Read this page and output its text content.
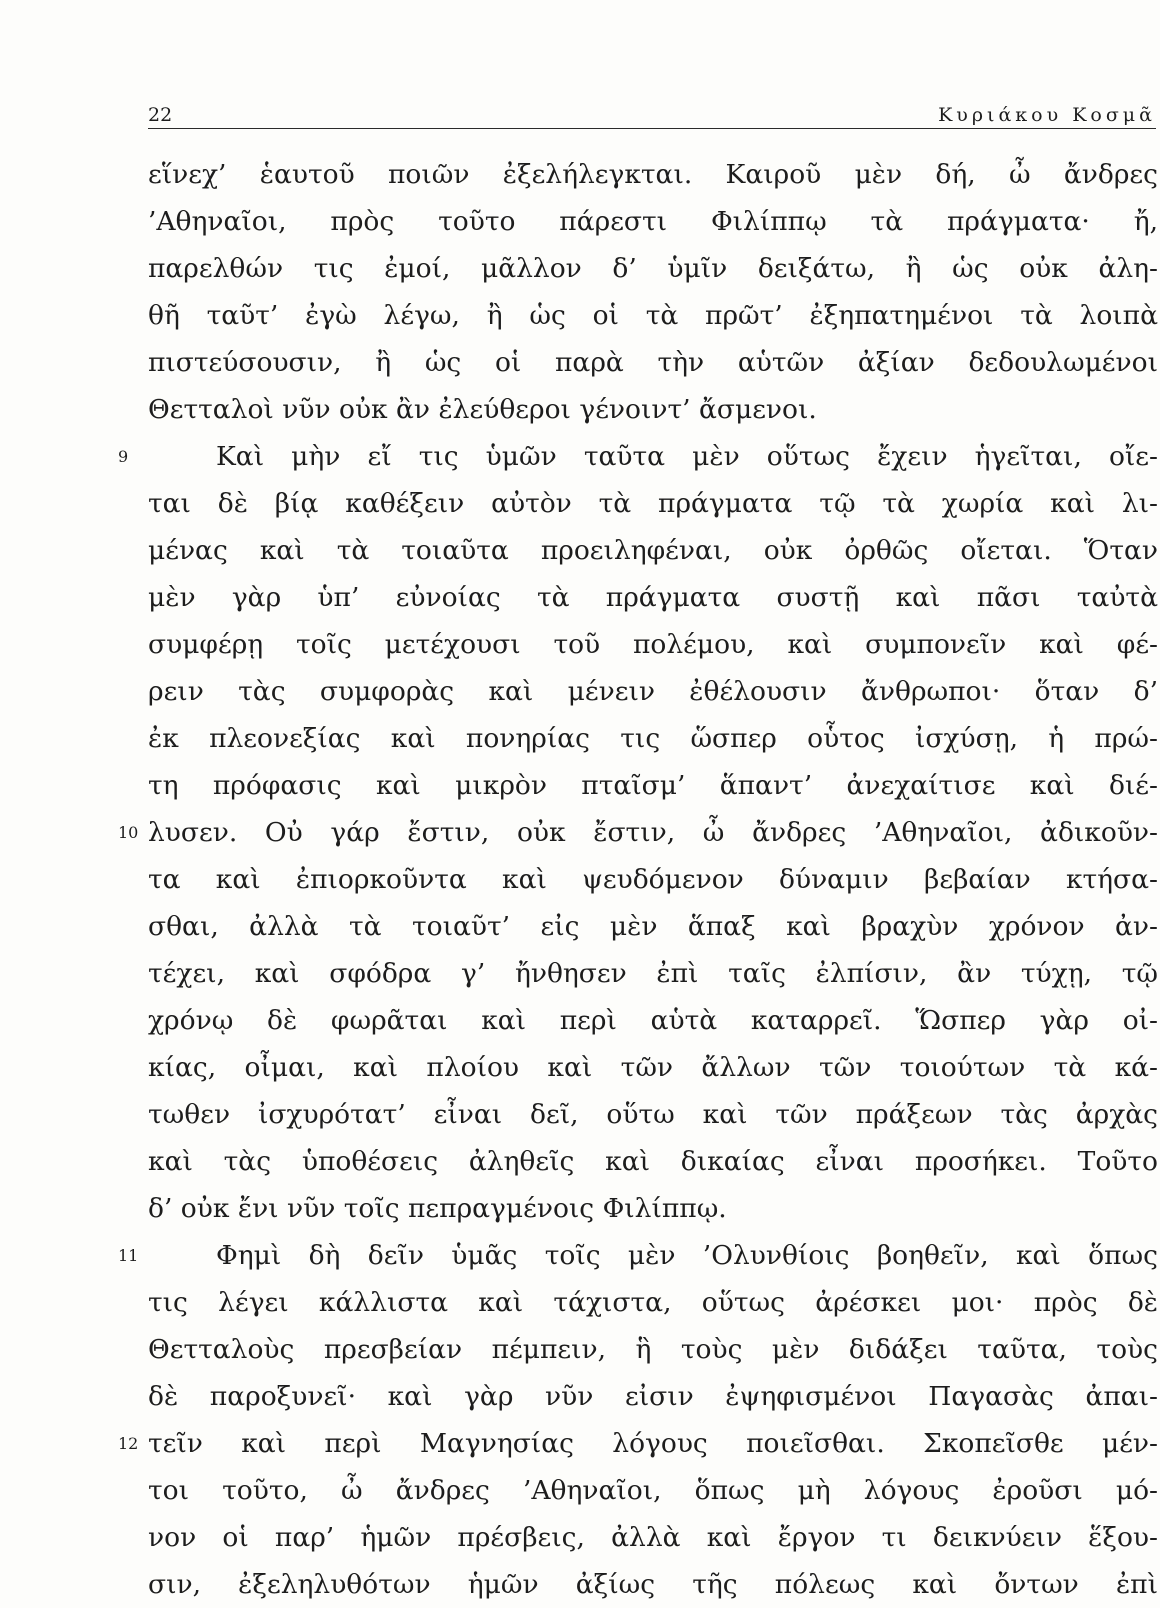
22	Κυριάκου Κοσμᾶ
εἵνεχ’ ἑαυτοῦ ποιῶν ἐξελήλεγκται. Καιροῦ μὲν δή, ὦ ἄνδρες
’Αθηναῖοι, πρὸς τοῦτο πάρεστι Φιλίππῳ τὰ πράγματα· ἤ,
παρελθών τις ἐμοί, μᾶλλον δ’ ὑμῖν δειξάτω, ἢ ὡς οὐκ ἀλη-
θῆ ταῦτ’ ἐγὼ λέγω, ἢ ὡς οἱ τὰ πρῶτ’ ἐξηπατημένοι τὰ λοιπὰ
πιστεύσουσιν, ἢ ὡς οἱ παρὰ τὴν αὑτῶν ἀξίαν δεδουλωμένοι
Θετταλοὶ νῦν οὐκ ἂν ἐλεύθεροι γένοιντ’ ἄσμενοι.
9	Καὶ μὴν εἴ τις ὑμῶν ταῦτα μὲν οὕτως ἔχειν ἡγεῖται, οἴε-
ται δὲ βίᾳ καθέξειν αὐτὸν τὰ πράγματα τῷ τὰ χωρία καὶ λι-
μένας καὶ τὰ τοιαῦτα προειληφέναι, οὐκ ὀρθῶς οἴεται. Ὅταν
μὲν γὰρ ὑπ’ εὐνοίας τὰ πράγματα συστῇ καὶ πᾶσι ταὐτὰ
συμφέρῃ τοῖς μετέχουσι τοῦ πολέμου, καὶ συμπονεῖν καὶ φέ-
ρειν τὰς συμφορὰς καὶ μένειν ἐθέλουσιν ἄνθρωποι· ὅταν δ’
ἐκ πλεονεξίας καὶ πονηρίας τις ὥσπερ οὗτος ἰσχύσῃ, ἡ πρώ-
τη πρόφασις καὶ μικρὸν πταῖσμ’ ἅπαντ’ ἀνεχαίτισε καὶ διέ-
10 λυσεν. Οὐ γάρ ἔστιν, οὐκ ἔστιν, ὦ ἄνδρες ’Αθηναῖοι, ἀδικοῦν-
τα καὶ ἐπιορκοῦντα καὶ ψευδόμενον δύναμιν βεβαίαν κτήσα-
σθαι, ἀλλὰ τὰ τοιαῦτ’ εἰς μὲν ἅπαξ καὶ βραχὺν χρόνον ἀν-
τέχει, καὶ σφόδρα γ’ ἤνθησεν ἐπὶ ταῖς ἐλπίσιν, ἂν τύχῃ, τῷ
χρόνῳ δὲ φωρᾶται καὶ περὶ αὑτὰ καταρρεῖ. Ὥσπερ γὰρ οἰ-
κίας, οἶμαι, καὶ πλοίου καὶ τῶν ἄλλων τῶν τοιούτων τὰ κά-
τωθεν ἰσχυρότατ’ εἶναι δεῖ, οὕτω καὶ τῶν πράξεων τὰς ἀρχὰς
καὶ τὰς ὑποθέσεις ἀληθεῖς καὶ δικαίας εἶναι προσήκει. Τοῦτο
δ’ οὐκ ἔνι νῦν τοῖς πεπραγμένοις Φιλίππῳ.
11	Φημὶ δὴ δεῖν ὑμᾶς τοῖς μὲν ’Ολυνθίοις βοηθεῖν, καὶ ὅπως
τις λέγει κάλλιστα καὶ τάχιστα, οὕτως ἀρέσκει μοι· πρὸς δὲ
Θετταλοὺς πρεσβείαν πέμπειν, ἣ τοὺς μὲν διδάξει ταῦτα, τοὺς
δὲ παροξυνεῖ· καὶ γὰρ νῦν εἰσιν ἐψηφισμένοι Παγασὰς ἀπαι-
12 τεῖν καὶ περὶ Μαγνησίας λόγους ποιεῖσθαι. Σκοπεῖσθε μέν-
τοι τοῦτο, ὦ ἄνδρες ’Αθηναῖοι, ὅπως μὴ λόγους ἐροῦσι μό-
νον οἱ παρ’ ἡμῶν πρέσβεις, ἀλλὰ καὶ ἔργον τι δεικνύειν ἕξου-
σιν, ἐξεληλυθότων ἡμῶν ἀξίως τῆς πόλεως καὶ ὄντων ἐπὶ
